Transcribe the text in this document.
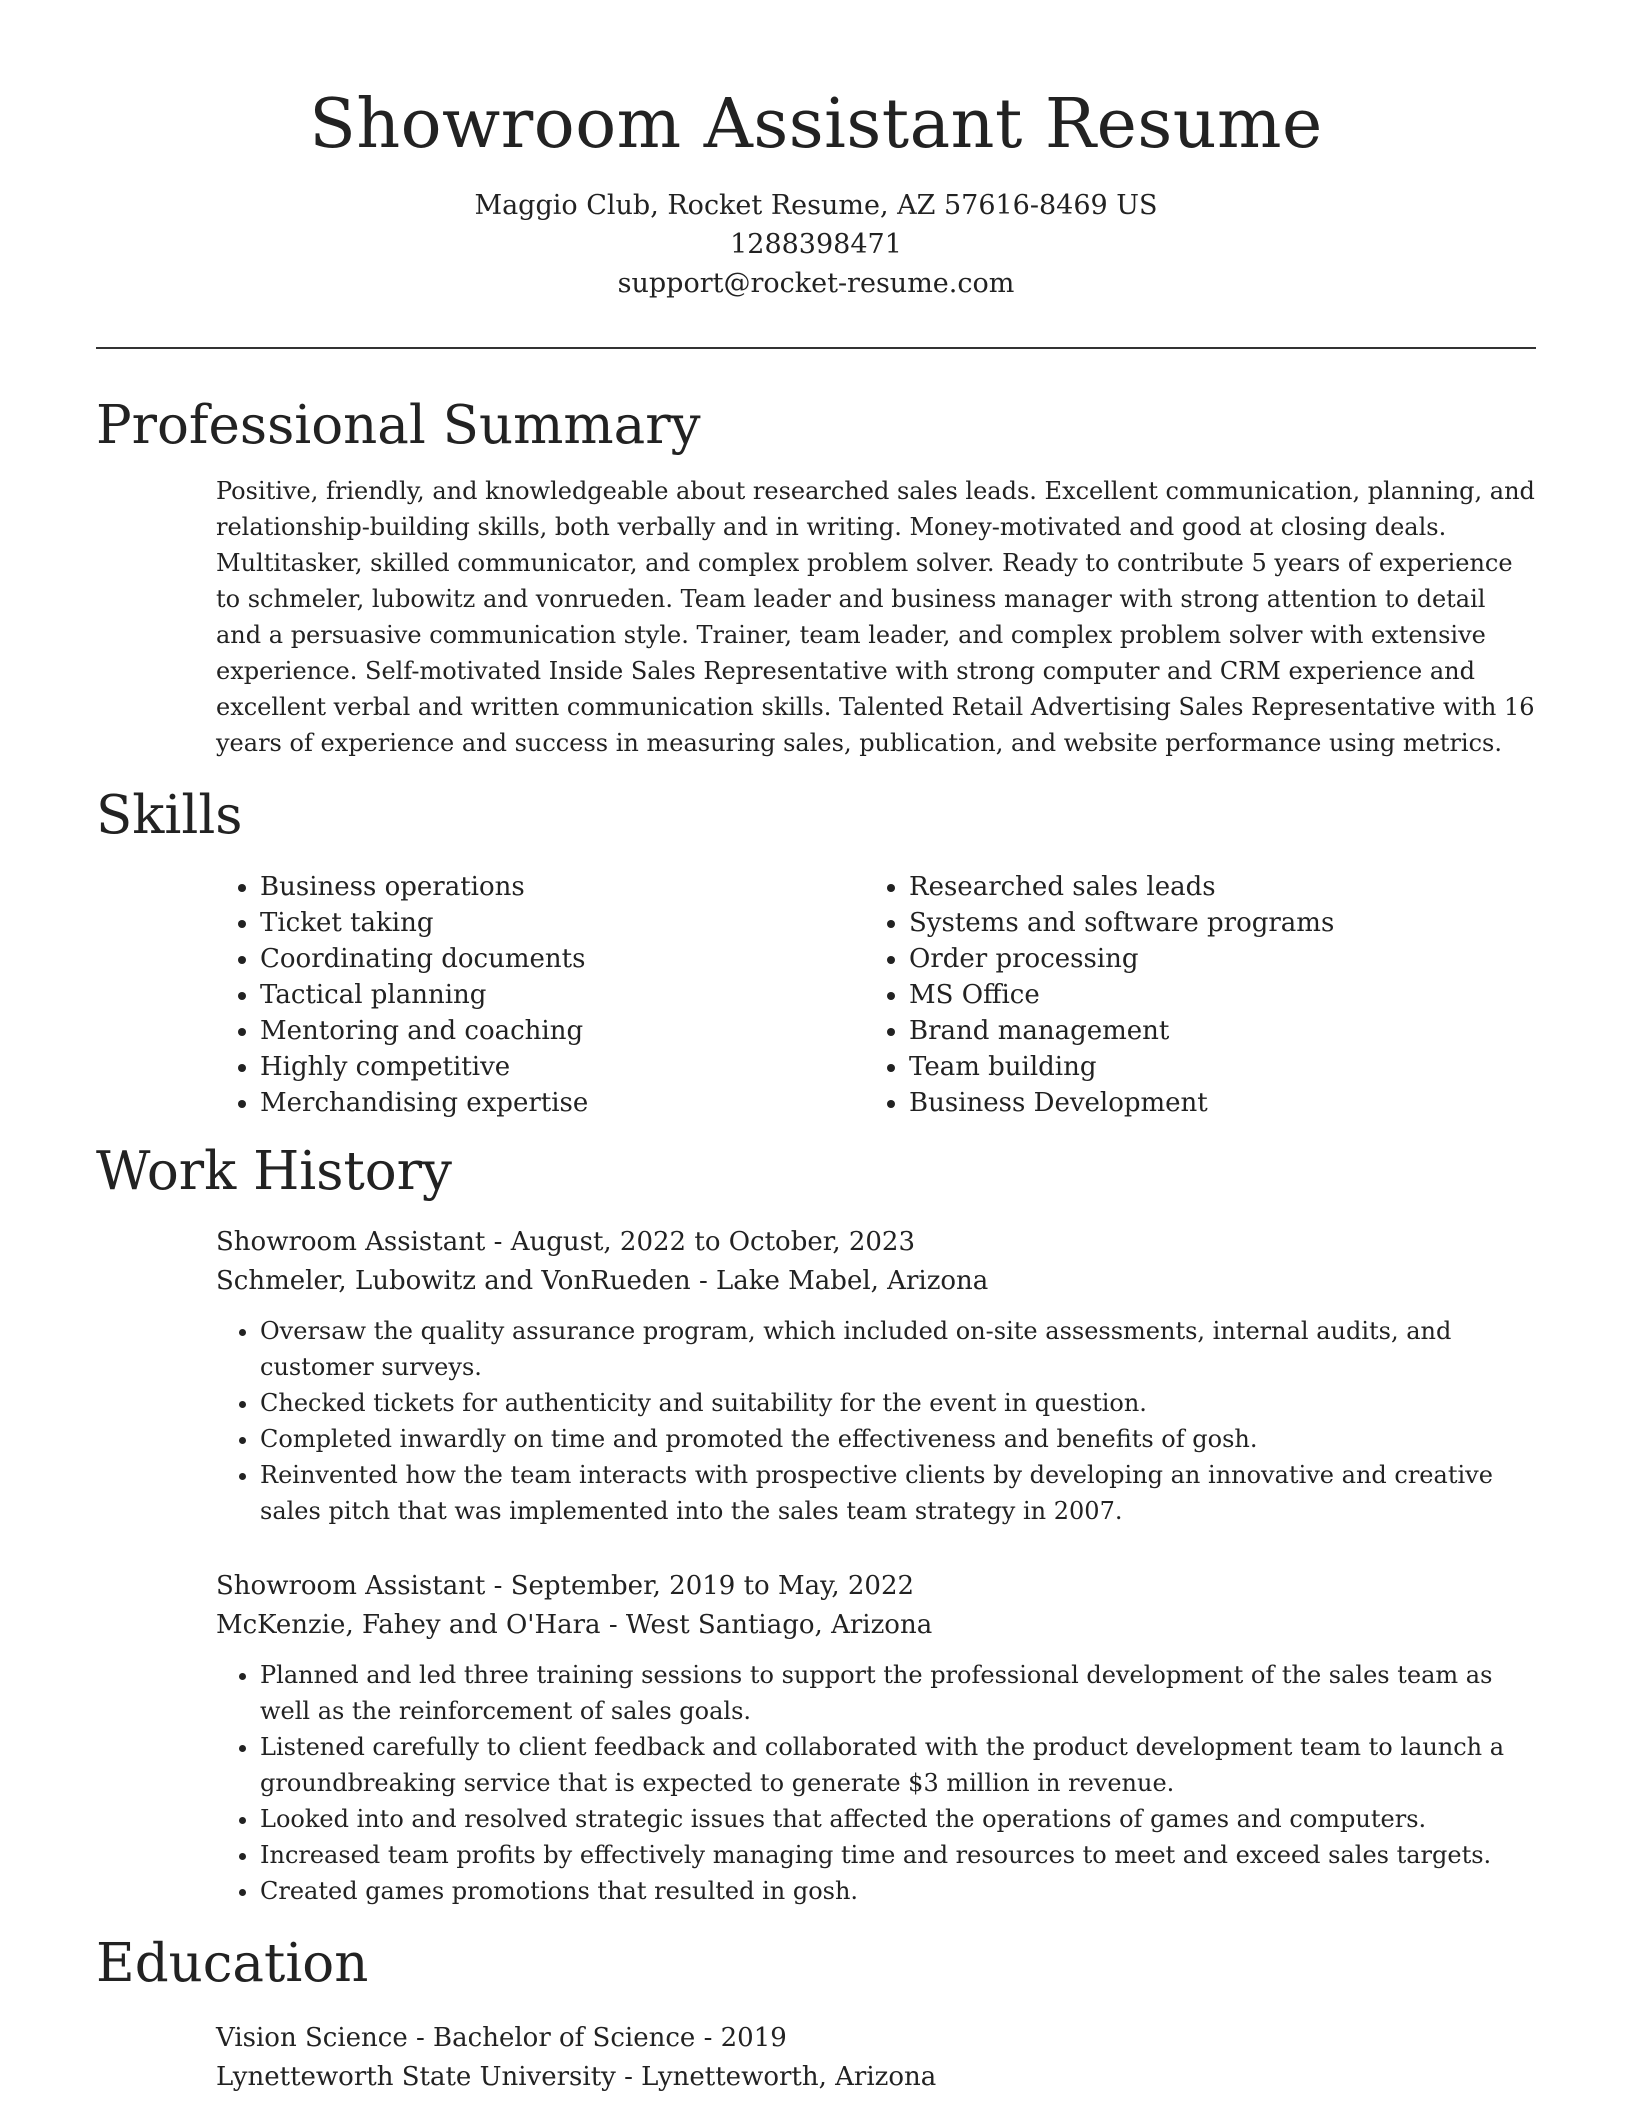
Showroom Assistant Resume
Maggio Club, Rocket Resume, AZ 57616-8469 US
1288398471
support@rocket-resume.com
Professional Summary

Positive, friendly, and knowledgeable about researched sales leads. Excellent communication, planning, and relationship-building skills, both verbally and in writing. Money-motivated and good at closing deals. Multitasker, skilled communicator, and complex problem solver. Ready to contribute 5 years of experience to schmeler, lubowitz and vonrueden. Team leader and business manager with strong attention to detail and a persuasive communication style. Trainer, team leader, and complex problem solver with extensive experience. Self-motivated Inside Sales Representative with strong computer and CRM experience and excellent verbal and written communication skills. Talented Retail Advertising Sales Representative with 16 years of experience and success in measuring sales, publication, and website performance using metrics.

Skills
• Business operations
• Ticket taking
• Coordinating documents
• Tactical planning
• Mentoring and coaching
• Highly competitive
• Merchandising expertise
• Researched sales leads
• Systems and software programs
• Order processing
• MS Office
• Brand management
• Team building
• Business Development
Work History
Showroom Assistant - August, 2022 to October, 2023
Schmeler, Lubowitz and VonRueden - Lake Mabel, Arizona
• Oversaw the quality assurance program, which included on-site assessments, internal audits, and customer surveys.
• Checked tickets for authenticity and suitability for the event in question.
• Completed inwardly on time and promoted the effectiveness and benefits of gosh.
• Reinvented how the team interacts with prospective clients by developing an innovative and creative sales pitch that was implemented into the sales team strategy in 2007.
Showroom Assistant - September, 2019 to May, 2022
McKenzie, Fahey and O'Hara - West Santiago, Arizona
• Planned and led three training sessions to support the professional development of the sales team as well as the reinforcement of sales goals.
• Listened carefully to client feedback and collaborated with the product development team to launch a groundbreaking service that is expected to generate $3 million in revenue.
• Looked into and resolved strategic issues that affected the operations of games and computers.
• Increased team profits by effectively managing time and resources to meet and exceed sales targets.
• Created games promotions that resulted in gosh.
Education
Vision Science - Bachelor of Science - 2019
Lynetteworth State University - Lynetteworth, Arizona
